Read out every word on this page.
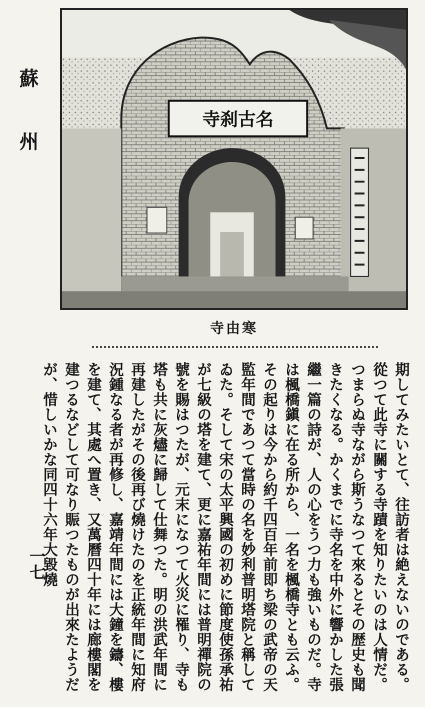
蘇
州
寺刹古名
寺由寒
期してみたいとて、往訪者は絶えないのである。從つて此寺に關する寺蹟を知りたいのは人情だ。つまらぬ寺ながら斯うなつて來るとその歴史も聞きたくなる。かくまでに寺名を中外に響かした張繼一篇の詩が、人の心をうつ力も強いものだ。寺は楓橋鎭に在る所から、一名を楓橋寺とも云ふ。その起りは今から約千四百年前即ち梁の武帝の天監年間であつて當時の名を妙利普明塔院と稱してゐた。そして宋の太平興國の初めに節度使孫承祐が七級の塔を建て、更に嘉祐年間には普明禪院の號を賜はつたが、元末になつて火災に罹り、寺も塔も共に灰燼に歸して仕舞つた。明の洪武年間に再建したがその後再び燒けたのを正統年間に知府況鍾なる者が再修し、嘉靖年間には大鐘を鑄、樓を建て、其處へ置き、又萬曆四十年には廊樓閣を建つるなどして可なり賑つたものが出來たようだが、惜しいかな同四十六年大毀燒
一七
